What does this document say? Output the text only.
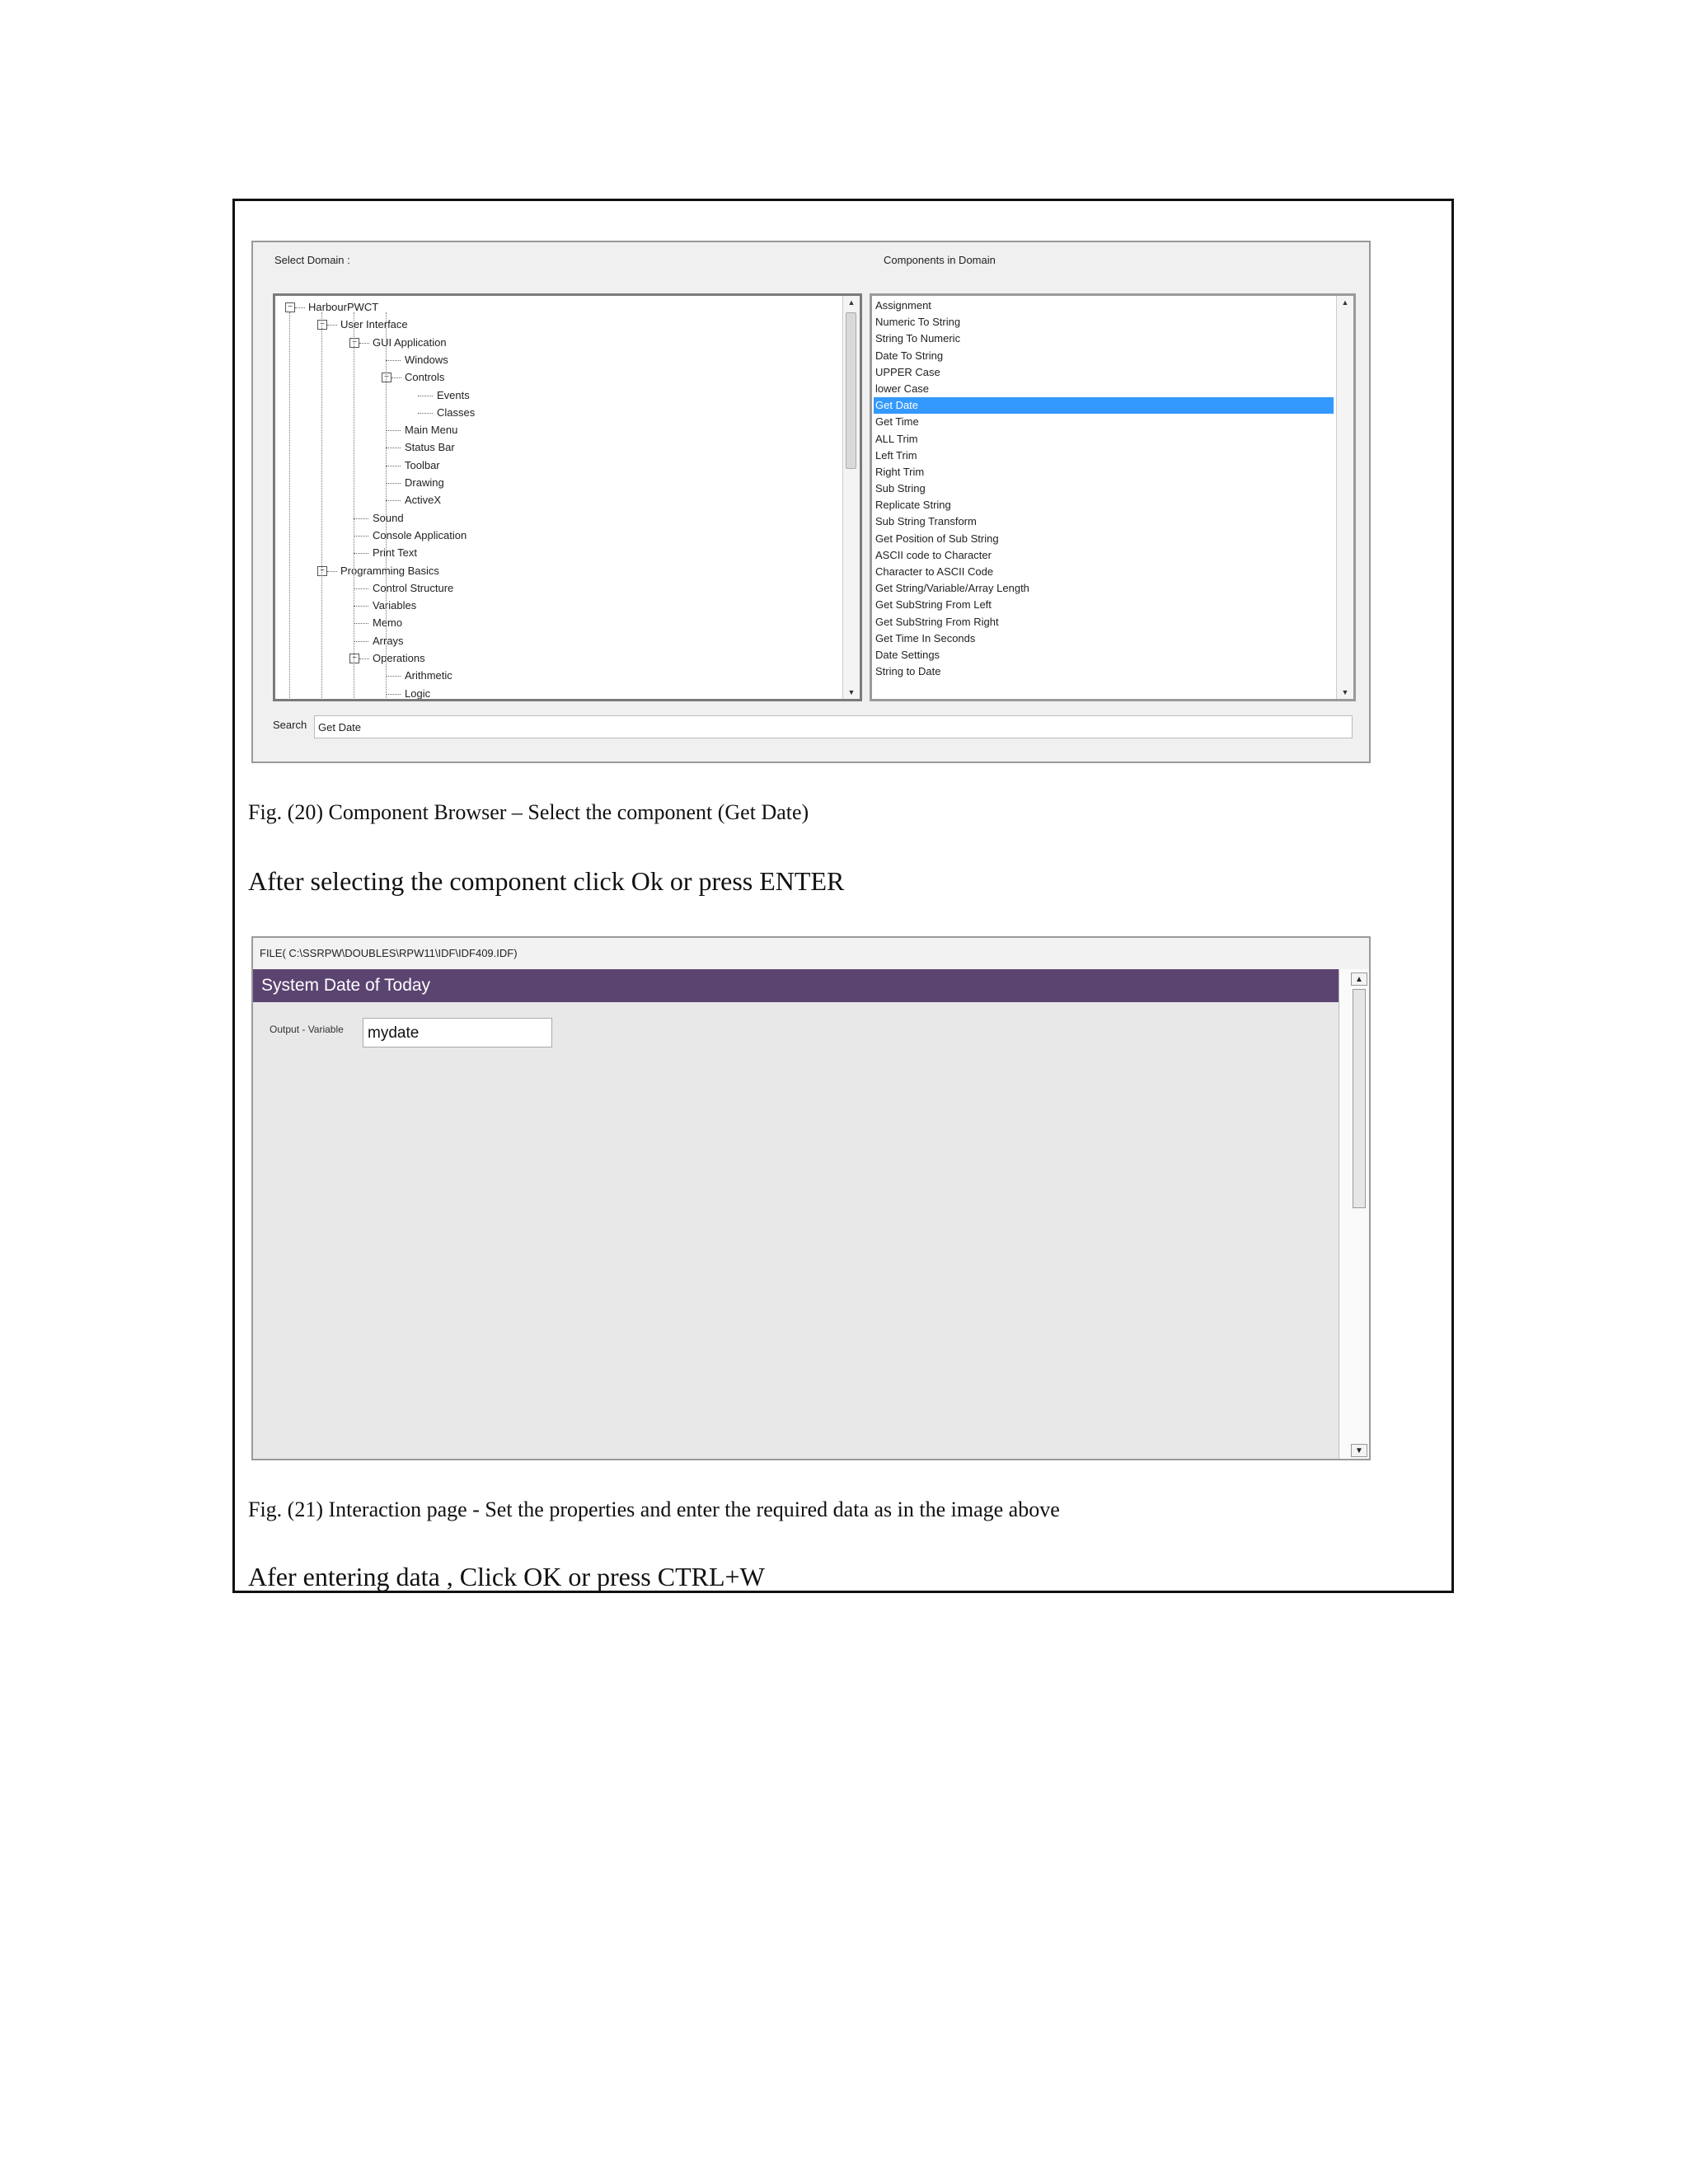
Select Domain :	Components in Domain
− HarbourPWCT
− User Interface
− GUI Application
Windows
− Controls
Events
Classes
Main Menu
Status Bar
Toolbar
Drawing
ActiveX
Sound
Console Application
Print Text
− Programming Basics
Control Structure
Variables
Memo
Arrays
− Operations
Arithmetic
Logic
▲
▼
Assignment
Numeric To String
String To Numeric
Date To String
UPPER Case
lower Case
Get Date
Get Time
ALL Trim
Left Trim
Right Trim
Sub String
Replicate String
Sub String Transform
Get Position of Sub String
ASCII code to Character
Character to ASCII Code
Get String/Variable/Array Length
Get SubString From Left
Get SubString From Right
Get Time In Seconds
Date Settings
String to Date
▲
▼
Search	Get Date
Fig. (20) Component Browser – Select the component (Get Date)
After selecting the component click Ok or press ENTER
FILE( C:\SSRPW\DOUBLES\RPW11\IDF\IDF409.IDF)
System Date of Today
Output - Variable	mydate
▲
▼
Fig. (21) Interaction page - Set the properties and enter the required data as in the image above
Afer entering data , Click OK or press CTRL+W
